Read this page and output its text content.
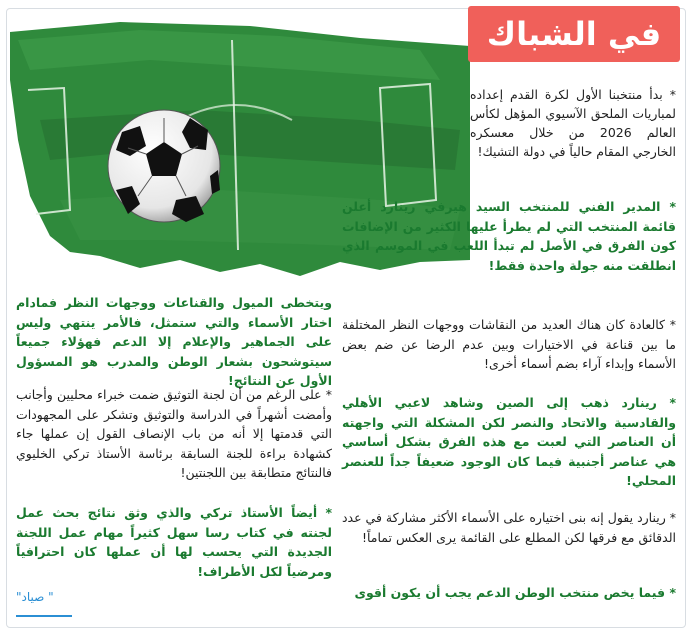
في الشباك

* بدأ منتخبنا الأول لكرة القدم إعداده لمباريات الملحق الآسيوي المؤهل لكأس العالم 2026 من خلال معسكره الخارجي المقام حالياً في دولة التشيك!

* المدير الفني للمنتخب السيد هيرفي رينارد أعلن قائمة المنتخب التي لم يطرأ عليها الكثير من الإضافات كون الفرق في الأصل لم تبدأ اللعب في الموسم الذي انطلقت منه جولة واحدة فقط!

* كالعادة كان هناك العديد من النقاشات ووجهات النظر المختلفة ما بين قناعة في الاختيارات وبين عدم الرضا عن ضم بعض الأسماء وإبداء آراء بضم أسماء أخرى!

* رينارد ذهب إلى الصين وشاهد لاعبي الأهلي والقادسية والاتحاد والنصر لكن المشكلة التي واجهته أن العناصر التي لعبت مع هذه الفرق بشكل أساسي هي عناصر أجنبية فيما كان الوجود ضعيفاً جداً للعنصر المحلي!

* رينارد يقول إنه بنى اختياره على الأسماء الأكثر مشاركة في عدد الدقائق مع فرقها لكن المطلع على القائمة يرى العكس تماماً!

* فيما يخص منتخب الوطن الدعم يجب أن يكون أقوى

ويتخطى الميول والقناعات ووجهات النظر فمادام اختار الأسماء والتي ستمثل، فالأمر ينتهي وليس على الجماهير والإعلام إلا الدعم فهؤلاء جميعاً سيتوشحون بشعار الوطن والمدرب هو المسؤول الأول عن النتائج!

* على الرغم من أن لجنة التوثيق ضمت خبراء محليين وأجانب وأمضت أشهراً في الدراسة والتوثيق وتشكر على المجهودات التي قدمتها إلا أنه من باب الإنصاف القول إن عملها جاء كشهادة براءة للجنة السابقة برئاسة الأستاذ تركي الخليوي فالنتائج متطابقة بين اللجنتين!

* أيضاً الأستاذ تركي والذي وثق نتائج بحث عمل لجنته في كتاب رسا سهل كثيراً مهام عمل اللجنة الجديدة التي يحسب لها أن عملها كان احترافياً ومرضياً لكل الأطراف!

" صياد"
